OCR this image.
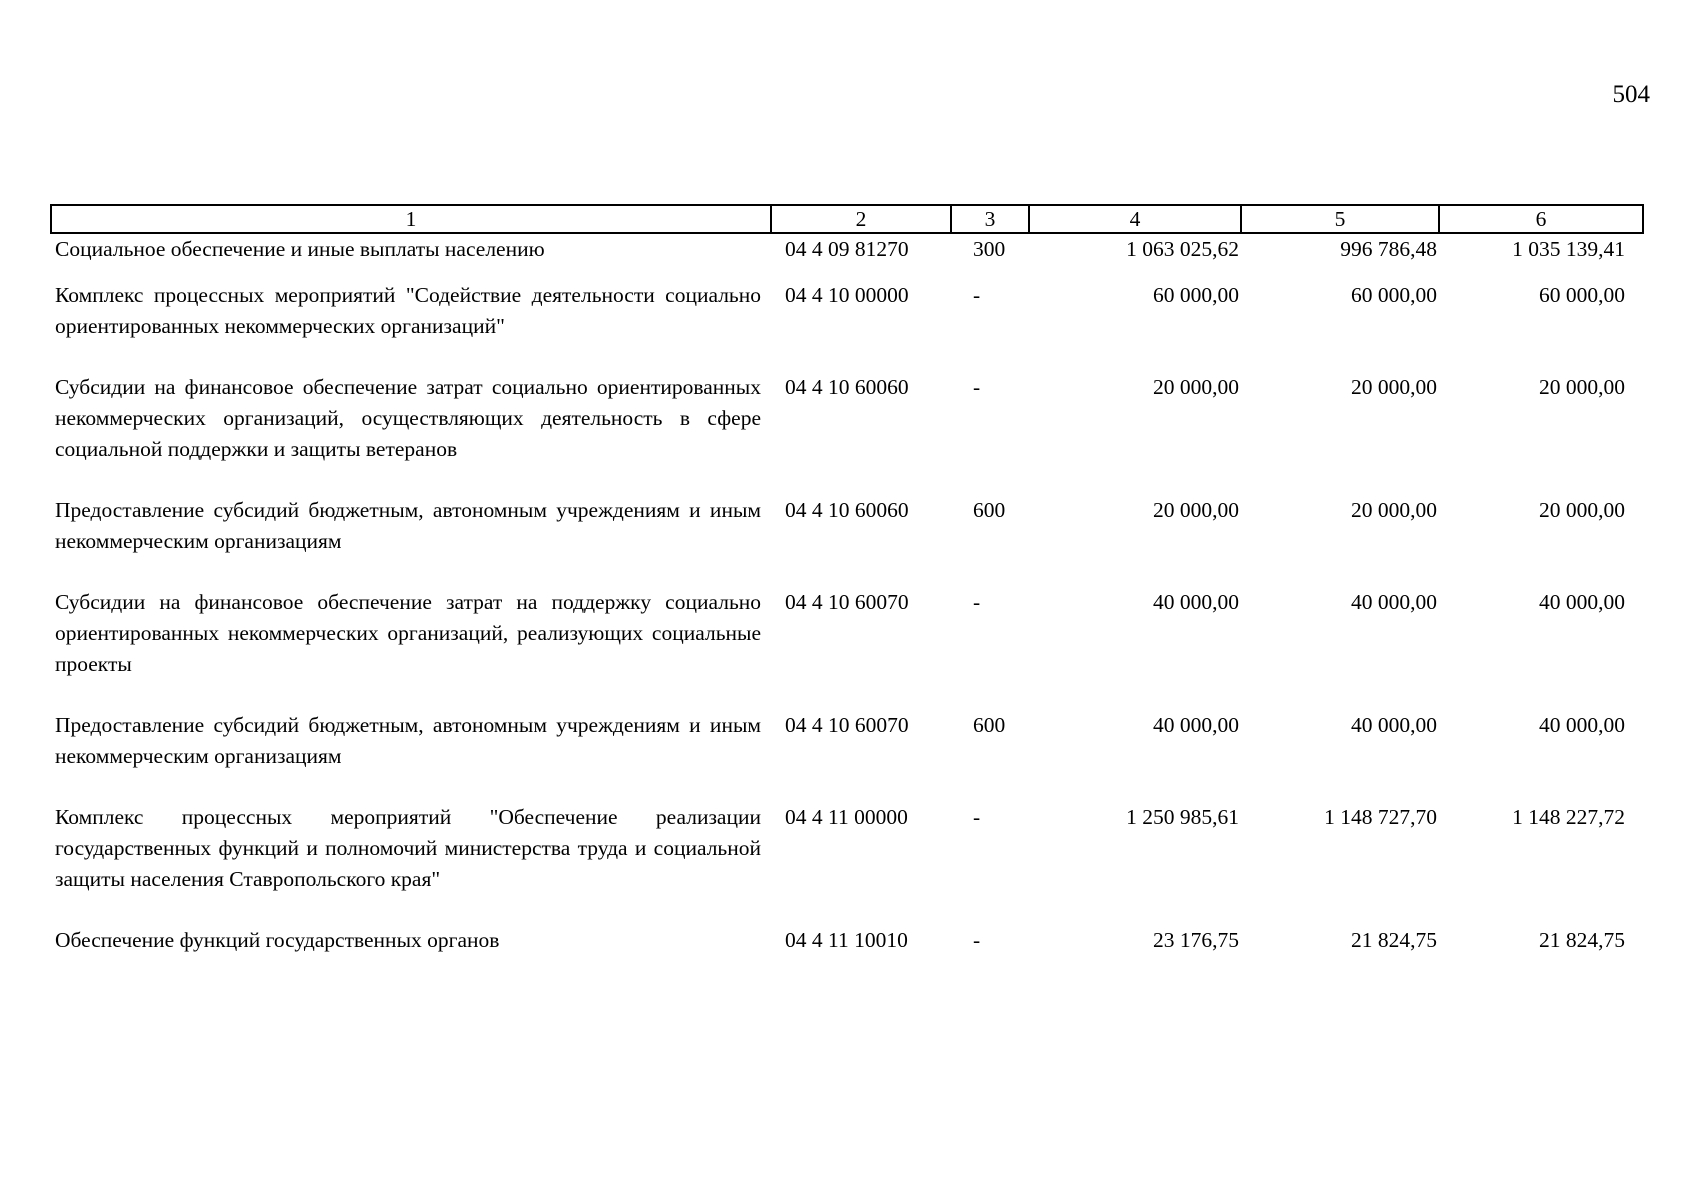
504
1	2	3	4	5	6
Социальное обеспечение и иные выплаты населению	04 4 09 81270	300	1 063 025,62	996 786,48	1 035 139,41
Комплекс процессных мероприятий "Содействие деятельности социально ориентированных некоммерческих организаций"	04 4 10 00000	-	60 000,00	60 000,00	60 000,00
Субсидии на финансовое обеспечение затрат социально ориентированных некоммерческих организаций, осуществляющих деятельность в сфере социальной поддержки и защиты ветеранов	04 4 10 60060	-	20 000,00	20 000,00	20 000,00
Предоставление субсидий бюджетным, автономным учреждениям и иным некоммерческим организациям	04 4 10 60060	600	20 000,00	20 000,00	20 000,00
Субсидии на финансовое обеспечение затрат на поддержку социально ориентированных некоммерческих организаций, реализующих социальные проекты	04 4 10 60070	-	40 000,00	40 000,00	40 000,00
Предоставление субсидий бюджетным, автономным учреждениям и иным некоммерческим организациям	04 4 10 60070	600	40 000,00	40 000,00	40 000,00
Комплекс процессных мероприятий "Обеспечение реализации государственных функций и полномочий министерства труда и социальной защиты населения Ставропольского края"	04 4 11 00000	-	1 250 985,61	1 148 727,70	1 148 227,72
Обеспечение функций государственных органов	04 4 11 10010	-	23 176,75	21 824,75	21 824,75
